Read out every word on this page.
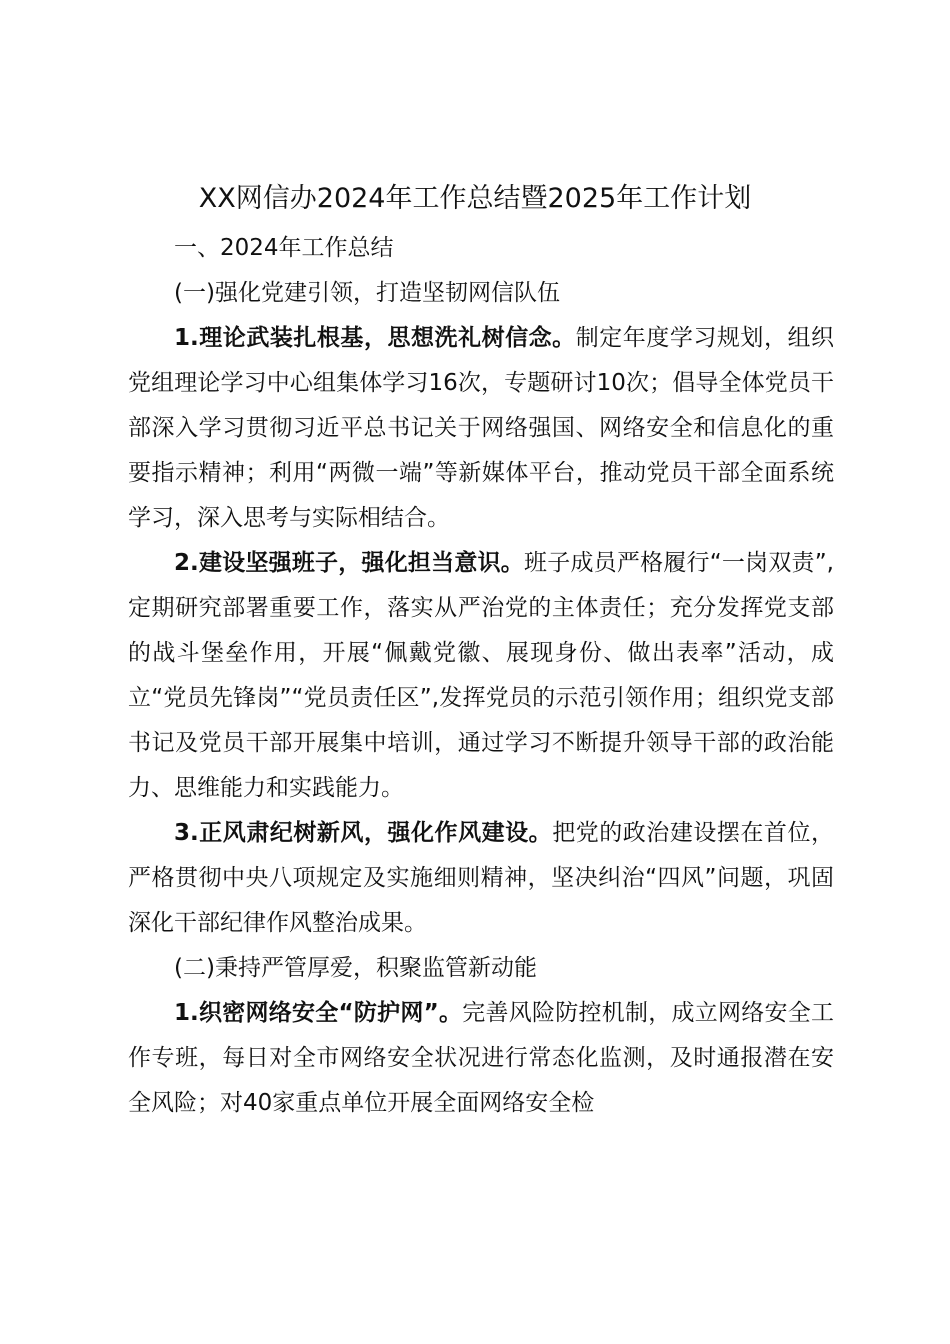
XX网信办2024年工作总结暨2025年工作计划

一、2024年工作总结

(一)强化党建引领，打造坚韧网信队伍

1.理论武装扎根基，思想洗礼树信念。制定年度学习规划，组织党组理论学习中心组集体学习16次，专题研讨10次；倡导全体党员干部深入学习贯彻习近平总书记关于网络强国、网络安全和信息化的重要指示精神；利用“两微一端”等新媒体平台，推动党员干部全面系统学习，深入思考与实际相结合。

2.建设坚强班子，强化担当意识。班子成员严格履行“一岗双责”,定期研究部署重要工作，落实从严治党的主体责任；充分发挥党支部的战斗堡垒作用，开展“佩戴党徽、展现身份、做出表率”活动，成立“党员先锋岗”“党员责任区”,发挥党员的示范引领作用；组织党支部书记及党员干部开展集中培训，通过学习不断提升领导干部的政治能力、思维能力和实践能力。

3.正风肃纪树新风，强化作风建设。把党的政治建设摆在首位，严格贯彻中央八项规定及实施细则精神，坚决纠治“四风”问题，巩固深化干部纪律作风整治成果。

(二)秉持严管厚爱，积聚监管新动能

1.织密网络安全“防护网”。完善风险防控机制，成立网络安全工作专班，每日对全市网络安全状况进行常态化监测，及时通报潜在安全风险；对40家重点单位开展全面网络安全检
